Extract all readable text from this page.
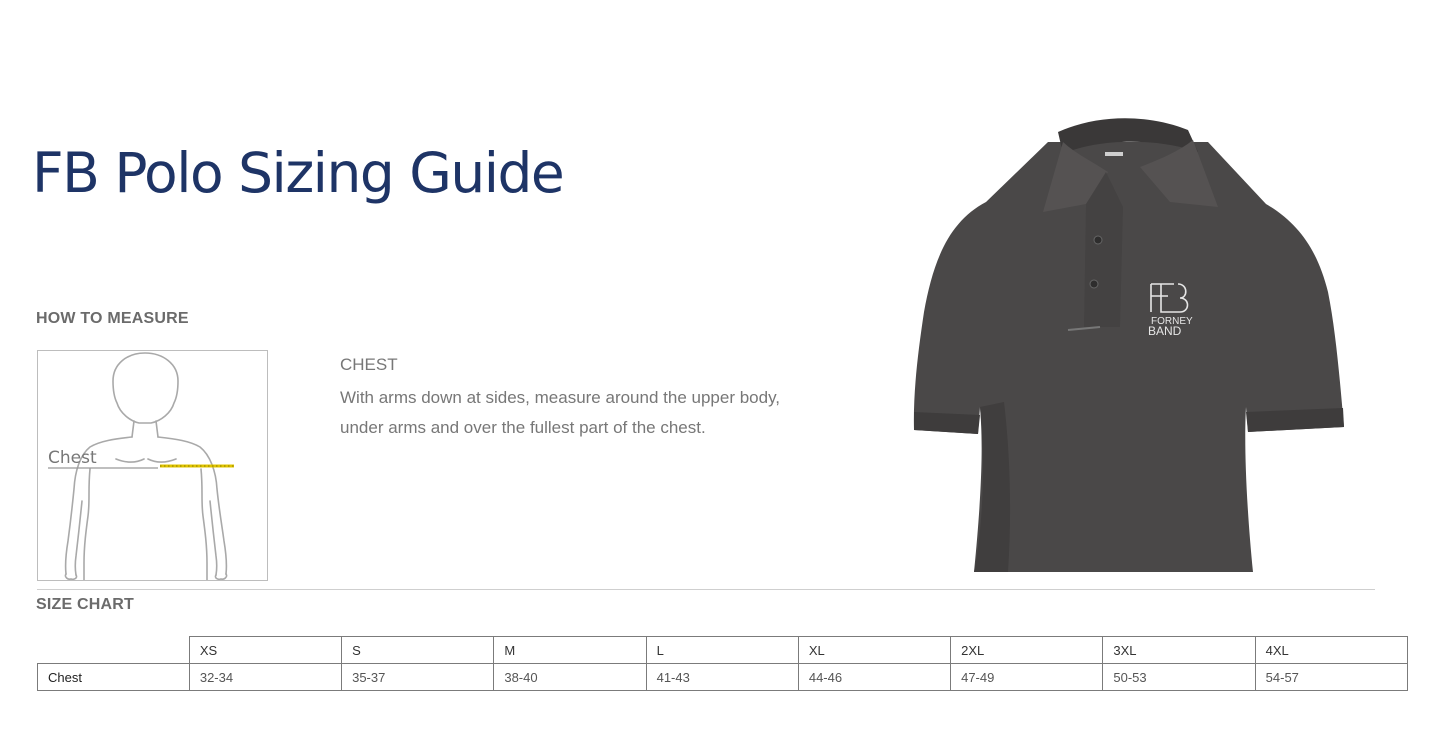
FB Polo Sizing Guide
HOW TO MEASURE
Chest
CHEST

With arms down at sides, measure around the upper body, under arms and over the fullest part of the chest.

FORNEY
BAND
SIZE CHART
	XS	S	M	L	XL	2XL	3XL	4XL
Chest	32-34	35-37	38-40	41-43	44-46	47-49	50-53	54-57
